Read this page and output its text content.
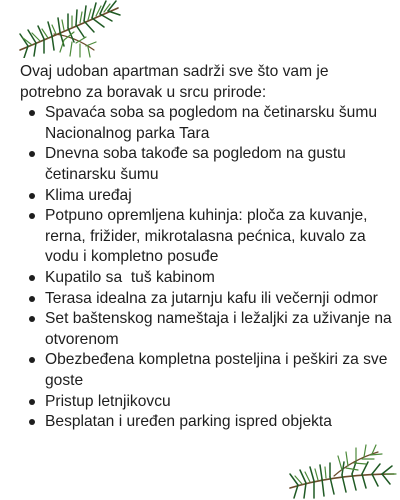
Ovaj udoban apartman sadrži sve što vam je potrebno za boravak u srcu prirode:

Spavaća soba sa pogledom na četinarsku šumu Nacionalnog parka Tara
Dnevna soba takođe sa pogledom na gustu četinarsku šumu
Klima uređaj
Potpuno opremljena kuhinja: ploča za kuvanje, rerna, frižider, mikrotalasna pećnica, kuvalo za vodu i kompletno posuđe
Kupatilo sa  tuš kabinom
Terasa idealna za jutarnju kafu ili večernji odmor
Set baštenskog nameštaja i ležaljki za uživanje na otvorenom
Obezbeđena kompletna posteljina i peškiri za sve goste
Pristup letnjikovcu
Besplatan i uređen parking ispred objekta
